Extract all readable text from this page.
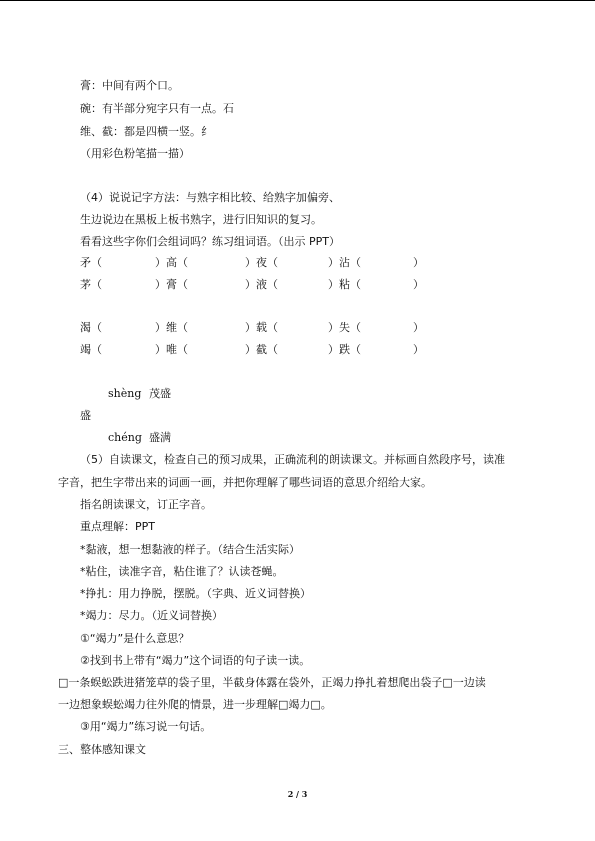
膏：中间有两个口。
碗：有半部分宛字只有一点。石
维、截：都是四横一竖。纟
（用彩色粉笔描一描）
（4）说说记字方法：与熟字相比较、给熟字加偏旁、
生边说边在黑板上板书熟字，进行旧知识的复习。
看看这些字你们会组词吗？练习组词语。（出示 PPT）
矛（	）高（	）夜（	）沾（	）
茅（	）膏（	）液（	）粘（	）
渴（	）维（	）载（	）失（	）
竭（	）唯（	）截（	）跌（	）
shèng 茂盛
盛
chéng 盛满
（5）自读课文，检查自己的预习成果，正确流利的朗读课文。并标画自然段序号，读准
字音，把生字带出来的词画一画，并把你理解了哪些词语的意思介绍给大家。
指名朗读课文，订正字音。
重点理解：PPT
*黏液，想一想黏液的样子。（结合生活实际）
*粘住，读准字音，粘住谁了？认读苍蝇。
*挣扎：用力挣脱，摆脱。（字典、近义词替换）
*竭力：尽力。（近义词替换）
①“竭力”是什么意思？
②找到书上带有“竭力”这个词语的句子读一读。
□一条蜈蚣跌进猪笼草的袋子里，半截身体露在袋外，正竭力挣扎着想爬出袋子□一边读
一边想象蜈蚣竭力往外爬的情景，进一步理解□竭力□。
③用“竭力”练习说一句话。
三、整体感知课文
2 / 3
